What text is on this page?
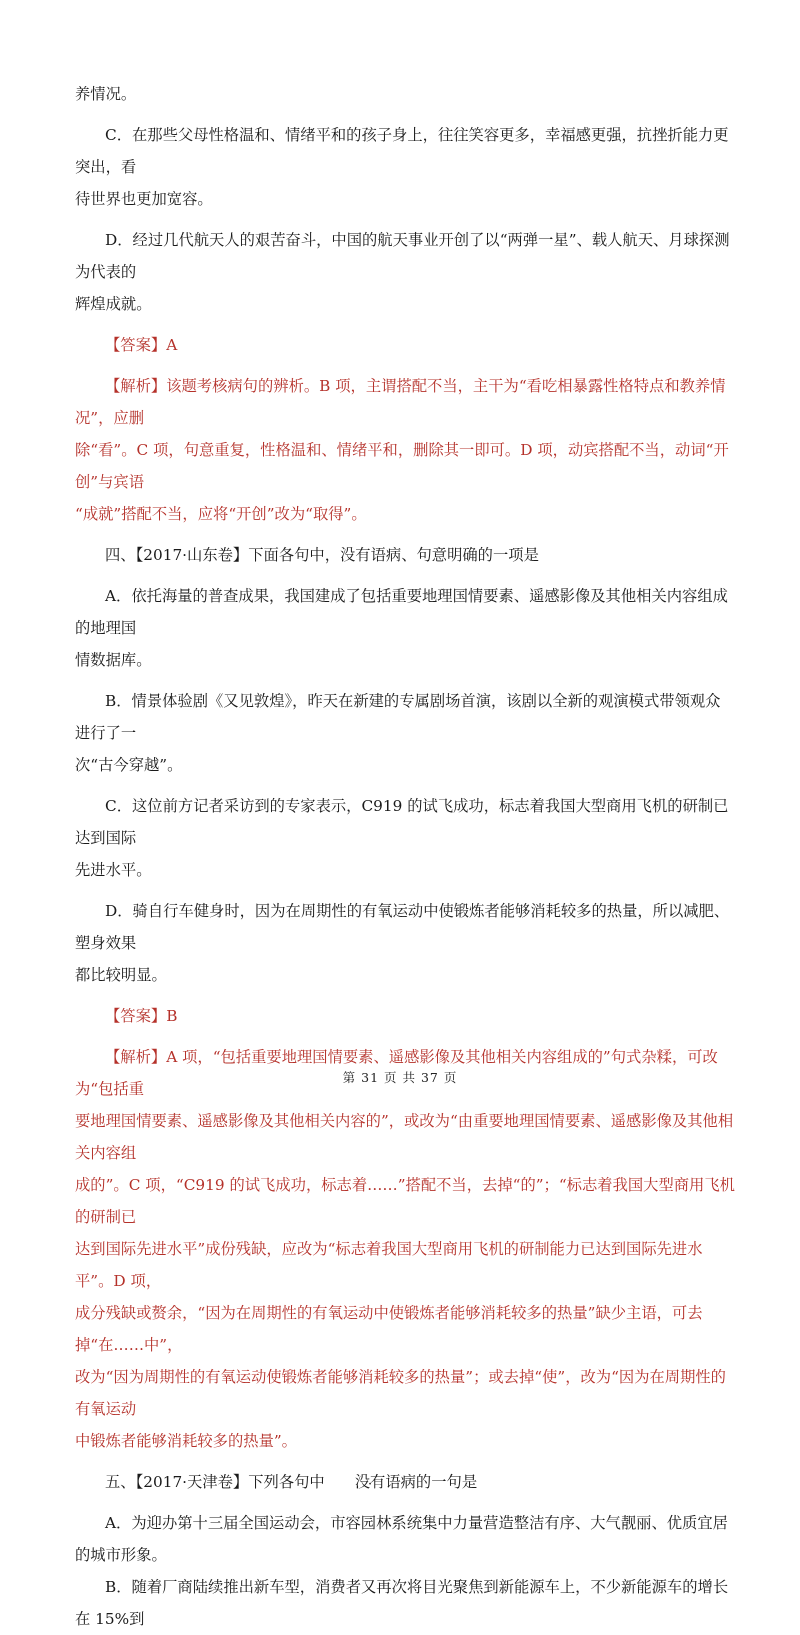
养情况。

C．在那些父母性格温和、情绪平和的孩子身上，往往笑容更多，幸福感更强，抗挫折能力更突出，看

待世界也更加宽容。

D．经过几代航天人的艰苦奋斗，中国的航天事业开创了以“两弹一星”、载人航天、月球探测为代表的

辉煌成就。

【答案】A

【解析】该题考核病句的辨析。B 项，主谓搭配不当，主干为“看吃相暴露性格特点和教养情况”，应删

除“看”。C 项，句意重复，性格温和、情绪平和，删除其一即可。D 项，动宾搭配不当，动词“开创”与宾语

“成就”搭配不当，应将“开创”改为“取得”。

四、【2017·山东卷】下面各句中，没有语病、句意明确的一项是

A．依托海量的普查成果，我国建成了包括重要地理国情要素、遥感影像及其他相关内容组成的地理国

情数据库。

B．情景体验剧《又见敦煌》，昨天在新建的专属剧场首演，该剧以全新的观演模式带领观众进行了一

次“古今穿越”。

C．这位前方记者采访到的专家表示，C919 的试飞成功，标志着我国大型商用飞机的研制已达到国际

先进水平。

D．骑自行车健身时，因为在周期性的有氧运动中使锻炼者能够消耗较多的热量，所以减肥、塑身效果

都比较明显。

【答案】B

【解析】A 项，“包括重要地理国情要素、遥感影像及其他相关内容组成的”句式杂糅，可改为“包括重

要地理国情要素、遥感影像及其他相关内容的”，或改为“由重要地理国情要素、遥感影像及其他相关内容组

成的”。C 项，“C919 的试飞成功，标志着……”搭配不当，去掉“的”；“标志着我国大型商用飞机的研制已

达到国际先进水平”成份残缺，应改为“标志着我国大型商用飞机的研制能力已达到国际先进水平”。D 项，

成分残缺或赘余，“因为在周期性的有氧运动中使锻炼者能够消耗较多的热量”缺少主语，可去掉“在……中”，

改为“因为周期性的有氧运动使锻炼者能够消耗较多的热量”；或去掉“使”，改为“因为在周期性的有氧运动

中锻炼者能够消耗较多的热量”。

五、【2017·天津卷】下列各句中 没有 ·语病的一句是

A．为迎办第十三届全国运动会，市容园林系统集中力量营造整洁有序、大气靓丽、优质宜居的城市形象。

B．随着厂商陆续推出新车型，消费者又再次将目光聚焦到新能源车上，不少新能源车的增长在 15%到

第 31 页 共 37 页
